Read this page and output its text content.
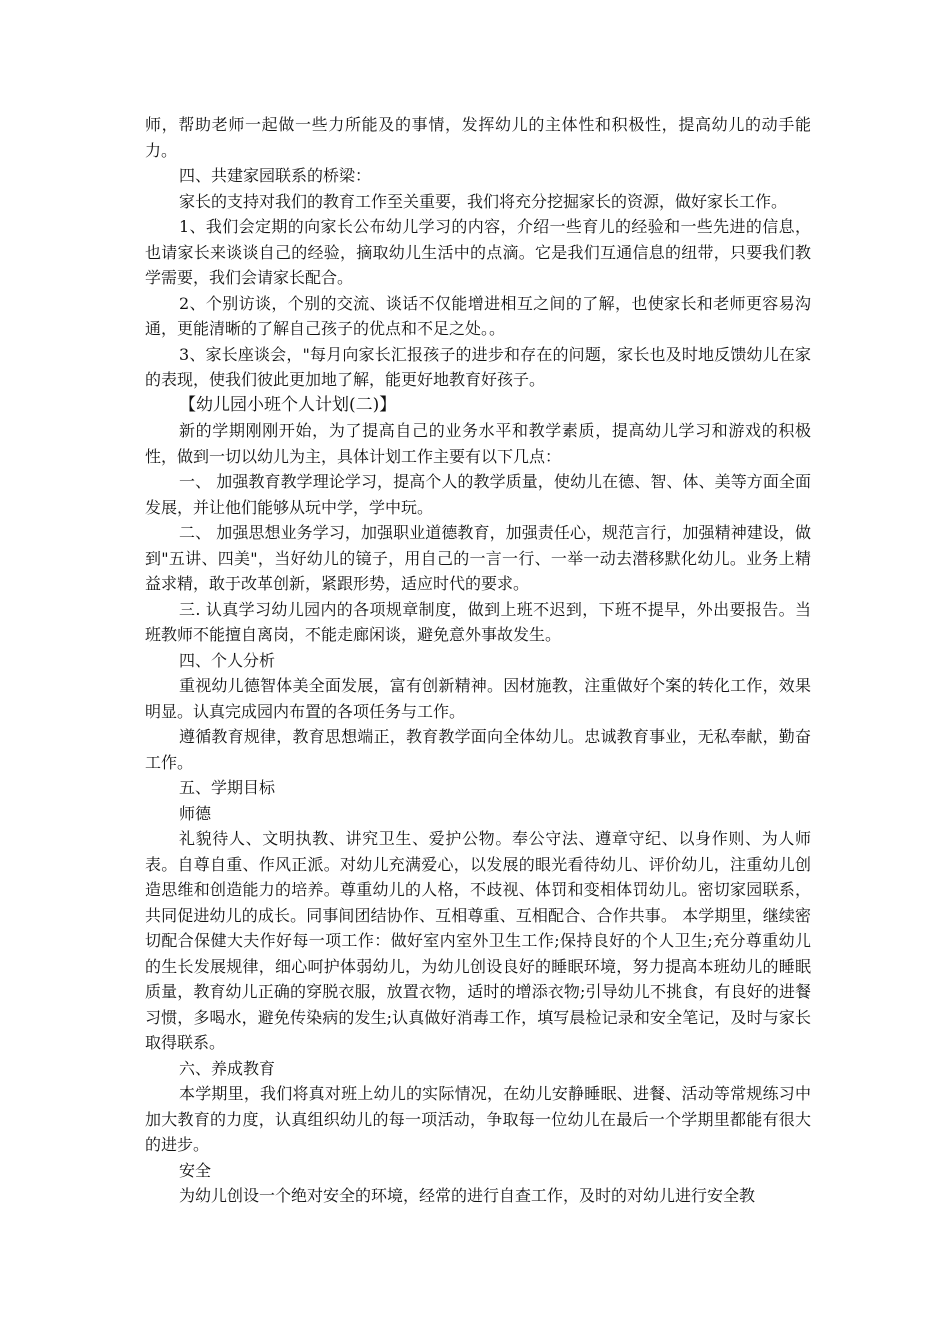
师，帮助老师一起做一些力所能及的事情，发挥幼儿的主体性和积极性，提高幼儿的动手能力。

四、共建家园联系的桥梁：

家长的支持对我们的教育工作至关重要，我们将充分挖掘家长的资源，做好家长工作。

1、我们会定期的向家长公布幼儿学习的内容，介绍一些育儿的经验和一些先进的信息，也请家长来谈谈自己的经验，摘取幼儿生活中的点滴。它是我们互通信息的纽带，只要我们教学需要，我们会请家长配合。

2、个别访谈，个别的交流、谈话不仅能增进相互之间的了解，也使家长和老师更容易沟通，更能清晰的了解自己孩子的优点和不足之处。。

3、家长座谈会，"每月向家长汇报孩子的进步和存在的问题，家长也及时地反馈幼儿在家的表现，使我们彼此更加地了解，能更好地教育好孩子。

【幼儿园小班个人计划(二)】

新的学期刚刚开始，为了提高自己的业务水平和教学素质，提高幼儿学习和游戏的积极性，做到一切以幼儿为主，具体计划工作主要有以下几点：

一、 加强教育教学理论学习，提高个人的教学质量，使幼儿在德、智、体、美等方面全面发展，并让他们能够从玩中学，学中玩。

二、 加强思想业务学习，加强职业道德教育，加强责任心，规范言行，加强精神建设，做到"五讲、四美"，当好幼儿的镜子，用自己的一言一行、一举一动去潜移默化幼儿。业务上精益求精，敢于改革创新，紧跟形势，适应时代的要求。

三. 认真学习幼儿园内的各项规章制度，做到上班不迟到，下班不提早，外出要报告。当班教师不能擅自离岗，不能走廊闲谈，避免意外事故发生。

四、个人分析

重视幼儿德智体美全面发展，富有创新精神。因材施教，注重做好个案的转化工作，效果明显。认真完成园内布置的各项任务与工作。

遵循教育规律，教育思想端正，教育教学面向全体幼儿。忠诚教育事业，无私奉献，勤奋工作。

五、学期目标

师德

礼貌待人、文明执教、讲究卫生、爱护公物。奉公守法、遵章守纪、以身作则、为人师表。自尊自重、作风正派。对幼儿充满爱心，以发展的眼光看待幼儿、评价幼儿，注重幼儿创造思维和创造能力的培养。尊重幼儿的人格，不歧视、体罚和变相体罚幼儿。密切家园联系，共同促进幼儿的成长。同事间团结协作、互相尊重、互相配合、合作共事。 本学期里，继续密切配合保健大夫作好每一项工作：做好室内室外卫生工作;保持良好的个人卫生;充分尊重幼儿的生长发展规律，细心呵护体弱幼儿，为幼儿创设良好的睡眠环境，努力提高本班幼儿的睡眠质量，教育幼儿正确的穿脱衣服，放置衣物，适时的增添衣物;引导幼儿不挑食，有良好的进餐习惯，多喝水，避免传染病的发生;认真做好消毒工作，填写晨检记录和安全笔记，及时与家长取得联系。

六、养成教育

本学期里，我们将真对班上幼儿的实际情况，在幼儿安静睡眠、进餐、活动等常规练习中加大教育的力度，认真组织幼儿的每一项活动，争取每一位幼儿在最后一个学期里都能有很大的进步。

安全

为幼儿创设一个绝对安全的环境，经常的进行自查工作，及时的对幼儿进行安全教
